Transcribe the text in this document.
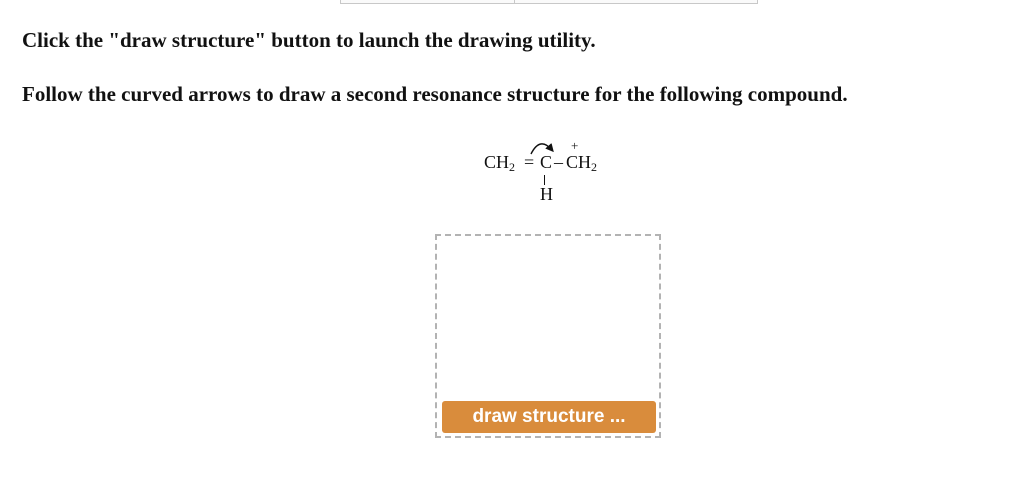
Click the "draw structure" button to launch the drawing utility.

Follow the curved arrows to draw a second resonance structure for the following compound.

$CH_2 = C - CH_2$
+
H
draw structure ...
